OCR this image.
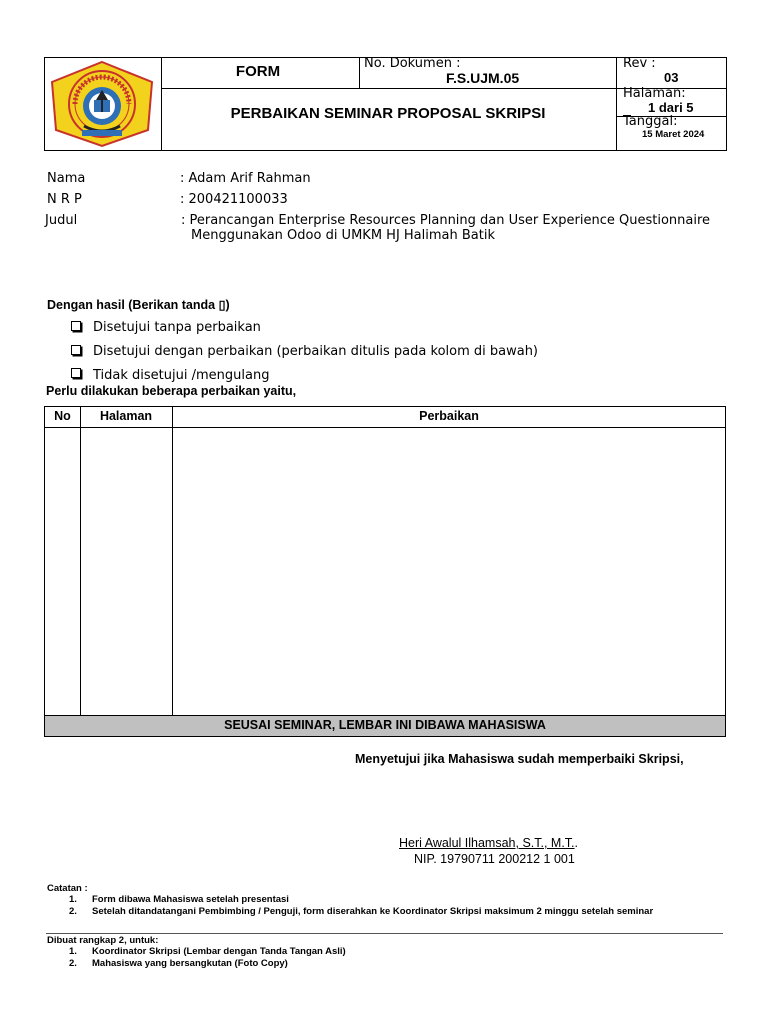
FORM	No. Dokumen :
F.S.UJM.05
Rev :
03
PERBAIKAN SEMINAR PROPOSAL SKRIPSI
Halaman:
1 dari 5
Tanggal:
15 Maret 2024
Nama	: Adam Arif Rahman
N R P	: 200421100033
Judul	: Perancangan Enterprise Resources Planning dan User Experience Questionnaire
Menggunakan Odoo di UMKM HJ Halimah Batik
Dengan hasil (Berikan tanda ▯)
Disetujui tanpa perbaikan
Disetujui dengan perbaikan (perbaikan ditulis pada kolom di bawah)
Tidak disetujui /mengulang
Perlu dilakukan beberapa perbaikan yaitu,
No	Halaman	Perbaikan
SEUSAI SEMINAR, LEMBAR INI DIBAWA MAHASISWA
Menyetujui jika Mahasiswa sudah memperbaiki Skripsi,
Heri Awalul Ilhamsah, S.T., M.T..
NIP. 19790711 200212 1 001
Catatan :
1. Form dibawa Mahasiswa setelah presentasi
2. Setelah ditandatangani Pembimbing / Penguji, form diserahkan ke Koordinator Skripsi maksimum 2 minggu setelah seminar
Dibuat rangkap 2, untuk:
1. Koordinator Skripsi (Lembar dengan Tanda Tangan Asli)
2. Mahasiswa yang bersangkutan (Foto Copy)
